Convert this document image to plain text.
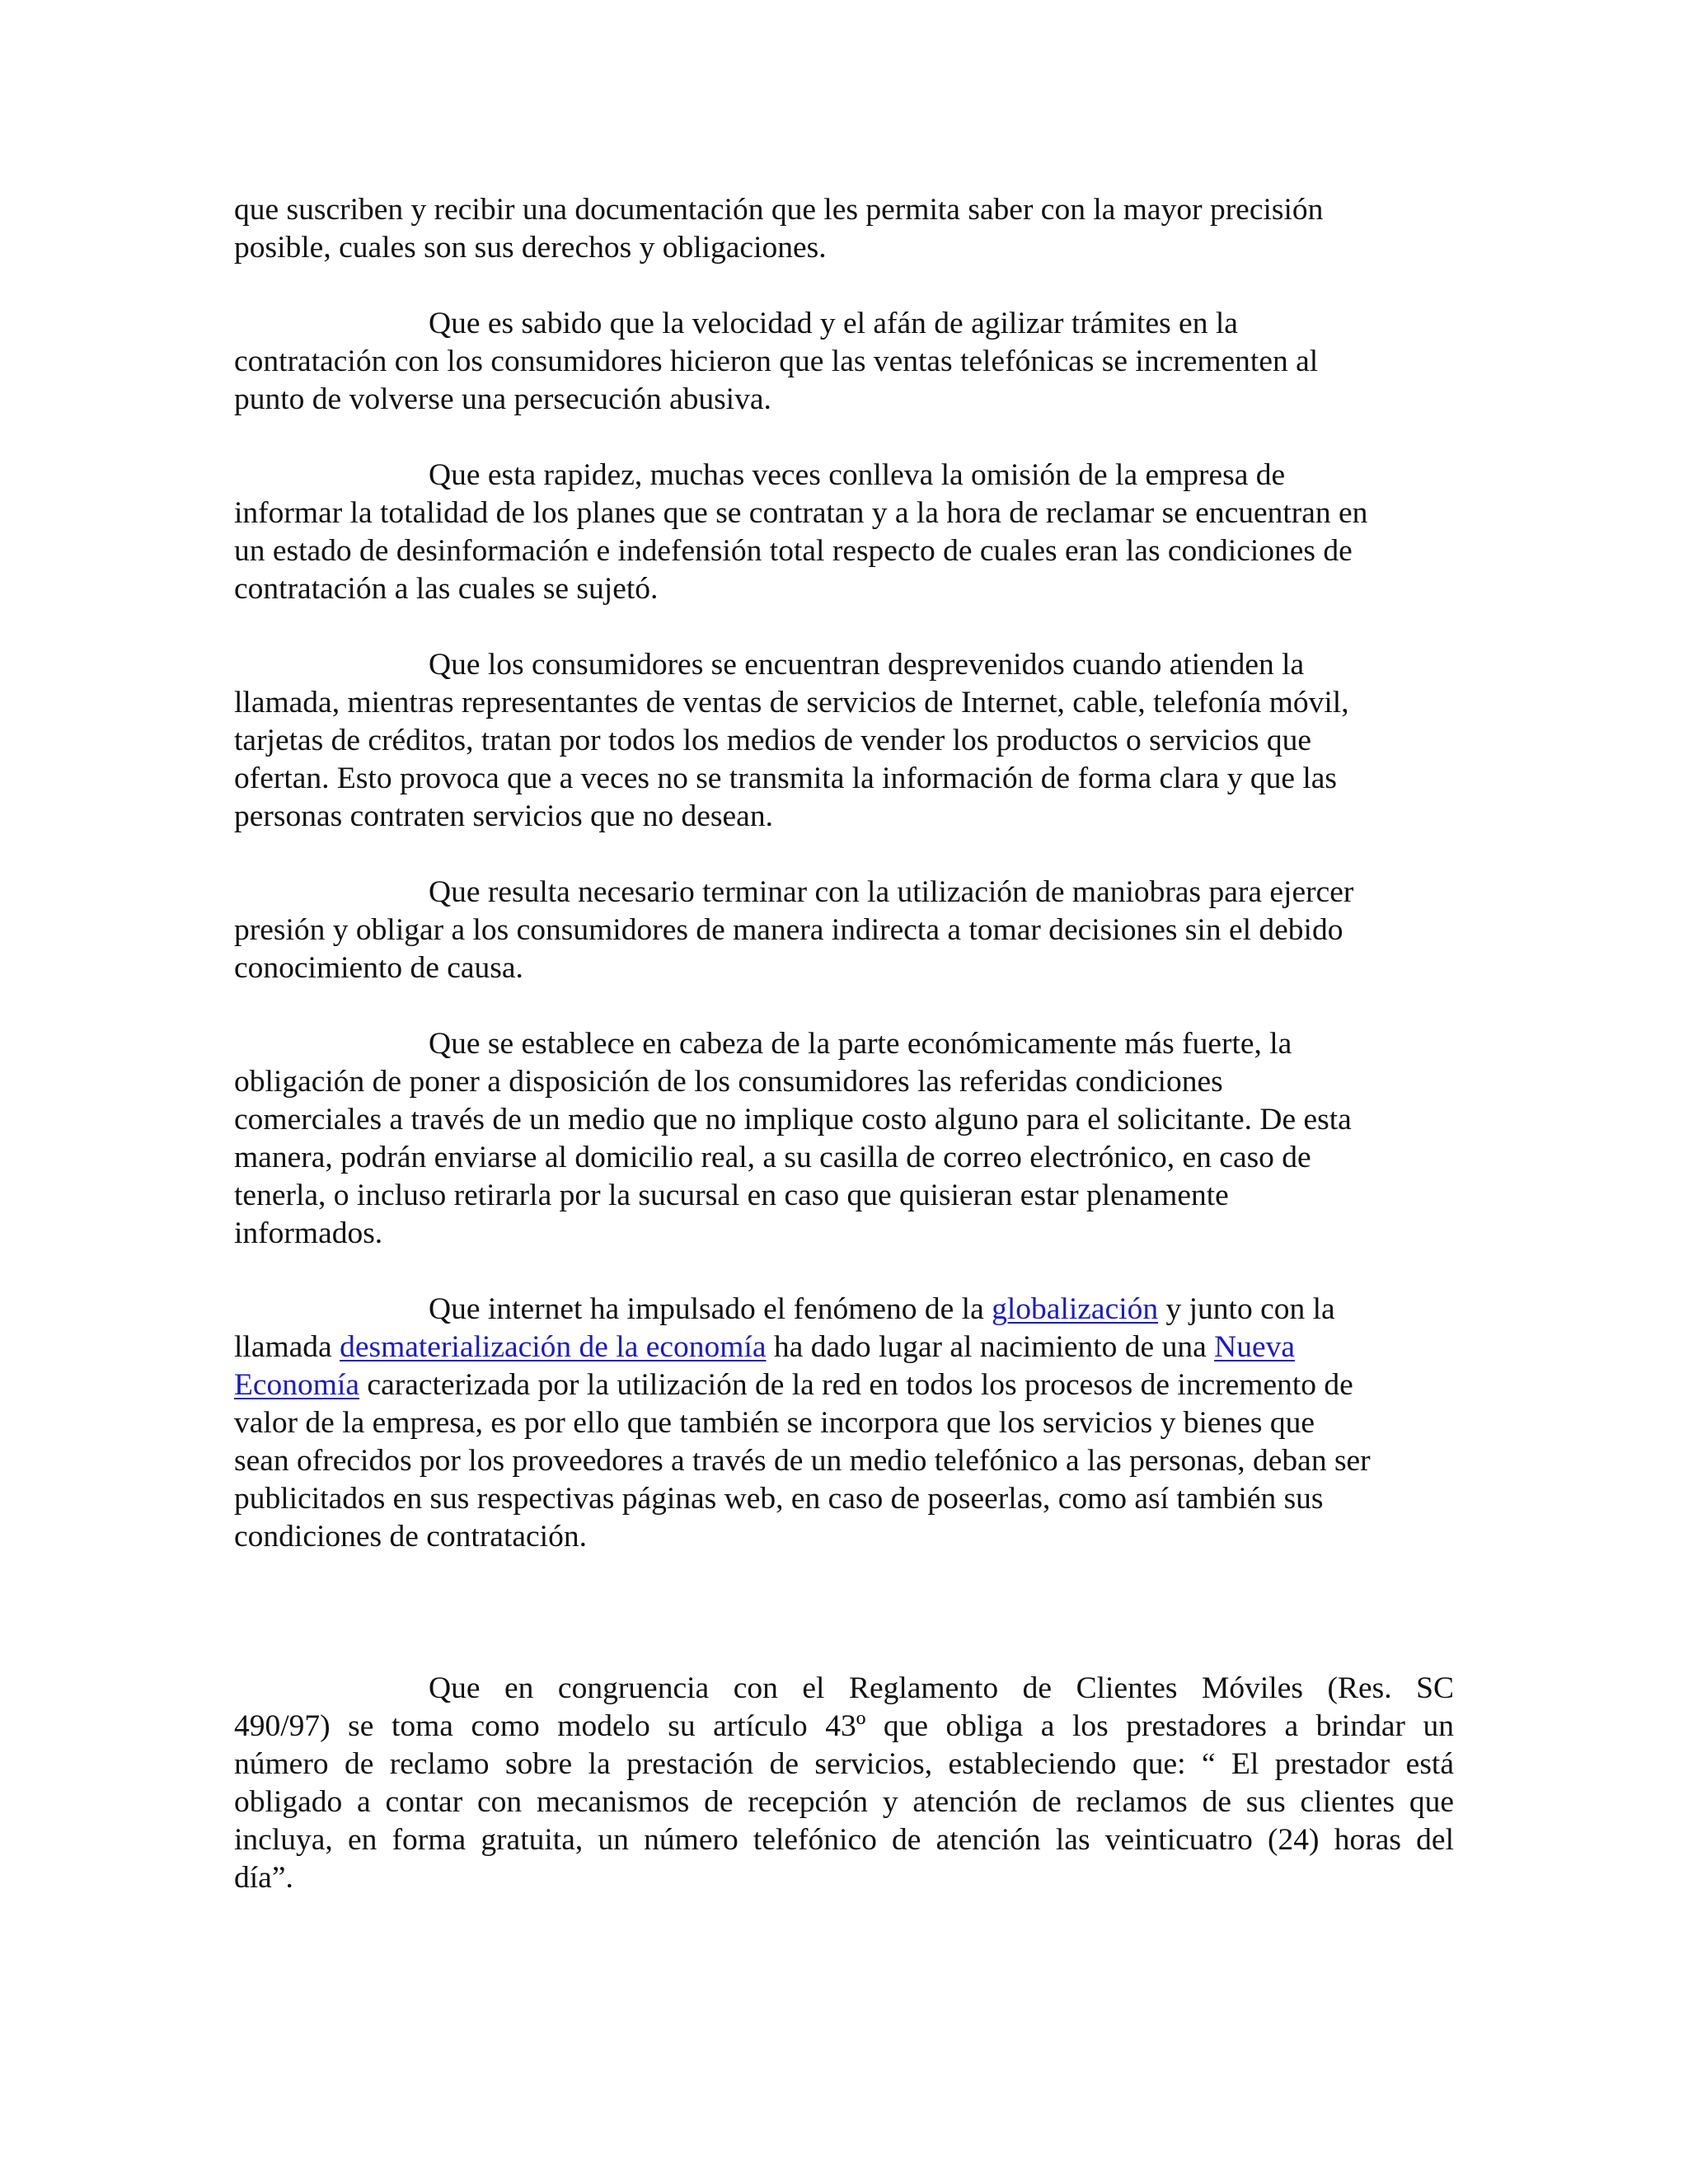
que suscriben y recibir una documentación que les permita saber con la mayor precisión
posible, cuales son sus derechos y obligaciones.
Que es sabido que la velocidad y el afán de agilizar trámites en la
contratación con los consumidores hicieron que las ventas telefónicas se incrementen al
punto de volverse una persecución abusiva.
Que esta rapidez, muchas veces conlleva la omisión de la empresa de
informar la totalidad de los planes que se contratan y a la hora de reclamar se encuentran en
un estado de desinformación e indefensión total respecto de cuales eran las condiciones de
contratación a las cuales se sujetó.
Que los consumidores se encuentran desprevenidos cuando atienden la
llamada, mientras representantes de ventas de servicios de Internet, cable, telefonía móvil,
tarjetas de créditos, tratan por todos los medios de vender los productos o servicios que
ofertan. Esto provoca que a veces no se transmita la información de forma clara y que las
personas contraten servicios que no desean.
Que resulta necesario terminar con la utilización de maniobras para ejercer
presión y obligar a los consumidores de manera indirecta a tomar decisiones sin el debido
conocimiento de causa.
Que se establece en cabeza de la parte económicamente más fuerte, la
obligación de poner a disposición de los consumidores las referidas condiciones
comerciales a través de un medio que no implique costo alguno para el solicitante. De esta
manera, podrán enviarse al domicilio real, a su casilla de correo electrónico, en caso de
tenerla, o incluso retirarla por la sucursal en caso que quisieran estar plenamente
informados.
Que internet ha impulsado el fenómeno de la globalización y junto con la
llamada desmaterialización de la economía ha dado lugar al nacimiento de una Nueva
Economía caracterizada por la utilización de la red en todos los procesos de incremento de
valor de la empresa, es por ello que también se incorpora que los servicios y bienes que
sean ofrecidos por los proveedores a través de un medio telefónico a las personas, deban ser
publicitados en sus respectivas páginas web, en caso de poseerlas, como así también sus
condiciones de contratación.
Que en congruencia con el Reglamento de Clientes Móviles (Res. SC
490/97) se toma como modelo su artículo 43º que obliga a los prestadores a brindar un
número de reclamo sobre la prestación de servicios, estableciendo que: “ El prestador está
obligado a contar con mecanismos de recepción y atención de reclamos de sus clientes que
incluya, en forma gratuita, un número telefónico de atención las veinticuatro (24) horas del
día”.
